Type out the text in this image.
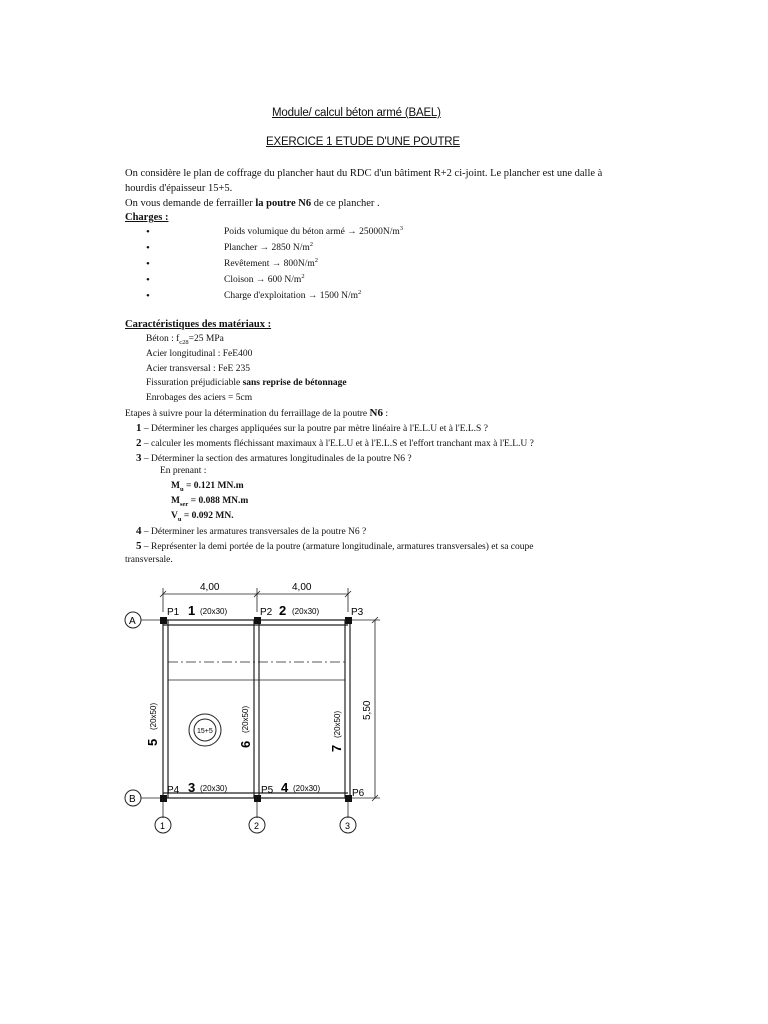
Module/ calcul béton armé (BAEL)
EXERCICE 1 ETUDE D'UNE POUTRE
On considère le plan de coffrage du plancher haut du RDC d'un bâtiment R+2 ci-joint. Le plancher est une dalle à
hourdis d'épaisseur 15+5.
On vous demande de ferrailler la poutre N6 de ce plancher .
Charges :
•	Poids volumique du béton armé → $25000N/m^3$
•	Plancher → 2850 $N/m^2$
•	Revêtement → $800N/m^2$
•	Cloison → 600 $N/m^2$
•	Charge d'exploitation → 1500 $N/m^2$
Caractéristiques des matériaux :
Béton : $f_{c28}=25$ MPa
Acier longitudinal : FeE400
Acier transversal : FeE 235
Fissuration préjudiciable sans reprise de bétonnage
Enrobages des aciers = 5cm
Etapes à suivre pour la détermination du ferraillage de la poutre N6 :
1 – Déterminer les charges appliquées sur la poutre par mètre linéaire à l'E.L.U et à l'E.L.S ?
2 – calculer les moments fléchissant maximaux à l'E.L.U et à l'E.L.S et l'effort tranchant max à l'E.L.U ?
3 – Déterminer la section des armatures longitudinales de la poutre N6 ?
En prenant :
$M_u = 0.121$ MN.m
$M_{ser} = 0.088$ MN.m
$V_u = 0.092$ MN.
4 – Déterminer les armatures transversales de la poutre N6 ?
5 – Représenter la demi portée de la poutre (armature longitudinale, armatures transversales) et sa coupe
transversale.
4,00	4,00
5,50
A
B
1	2	3
P1	P2	P3
P4	P5	P6
1 (20x30)	2 (20x30)
3 (20x30)	4 (20x30)
5
(20x50)
6
(20x50)
7
(20x50)
15+5
